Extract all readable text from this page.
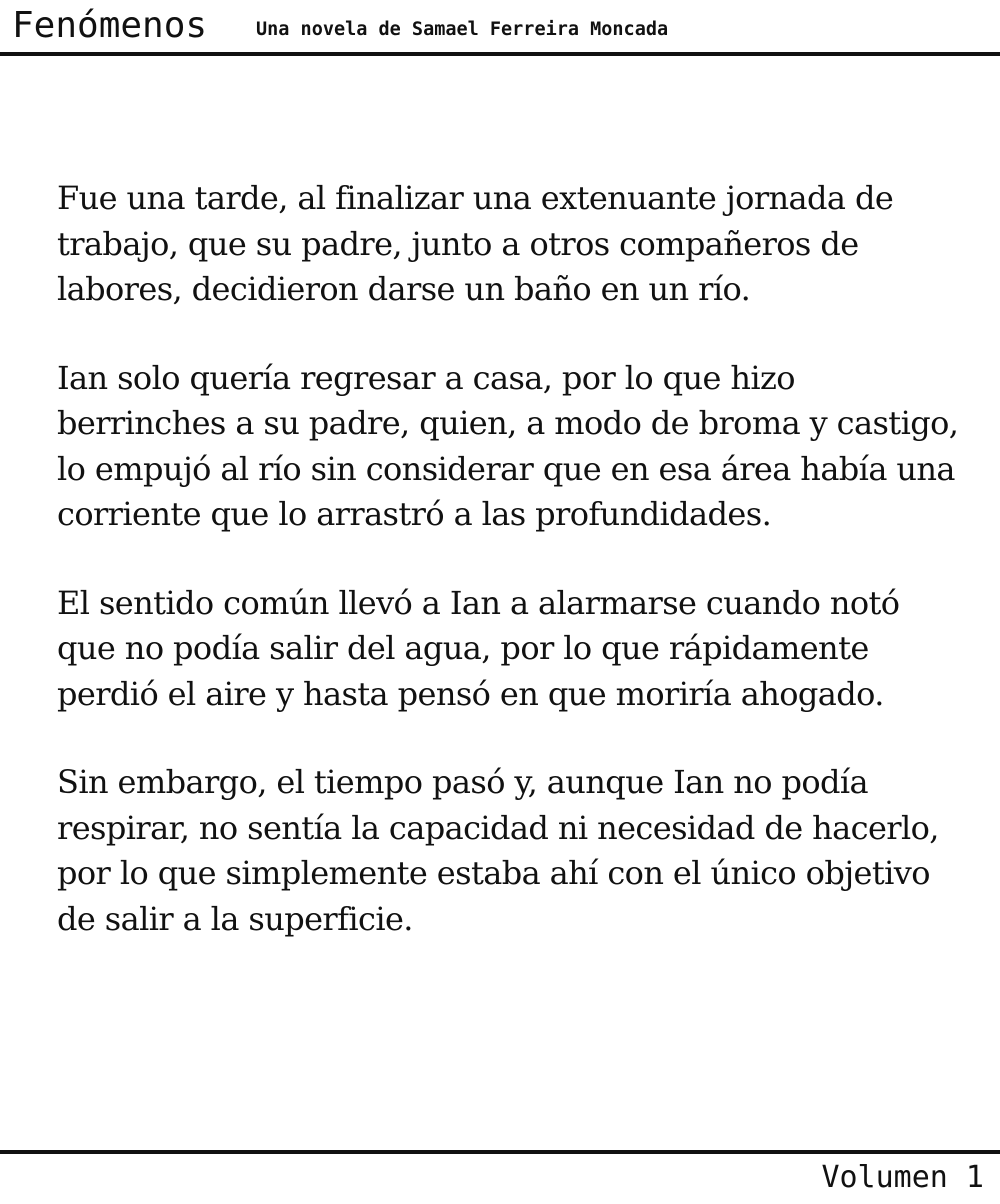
Fenómenos	Una novela de Samael Ferreira Moncada

Fue una tarde, al finalizar una extenuante jornada de trabajo, que su padre, junto a otros compañeros de labores, decidieron darse un baño en un río.

Ian solo quería regresar a casa, por lo que hizo berrinches a su padre, quien, a modo de broma y castigo, lo empujó al río sin considerar que en esa área había una corriente que lo arrastró a las profundidades.

El sentido común llevó a Ian a alarmarse cuando notó que no podía salir del agua, por lo que rápidamente perdió el aire y hasta pensó en que moriría ahogado.

Sin embargo, el tiempo pasó y, aunque Ian no podía respirar, no sentía la capacidad ni necesidad de hacerlo, por lo que simplemente estaba ahí con el único objetivo de salir a la superficie.

Volumen 1
